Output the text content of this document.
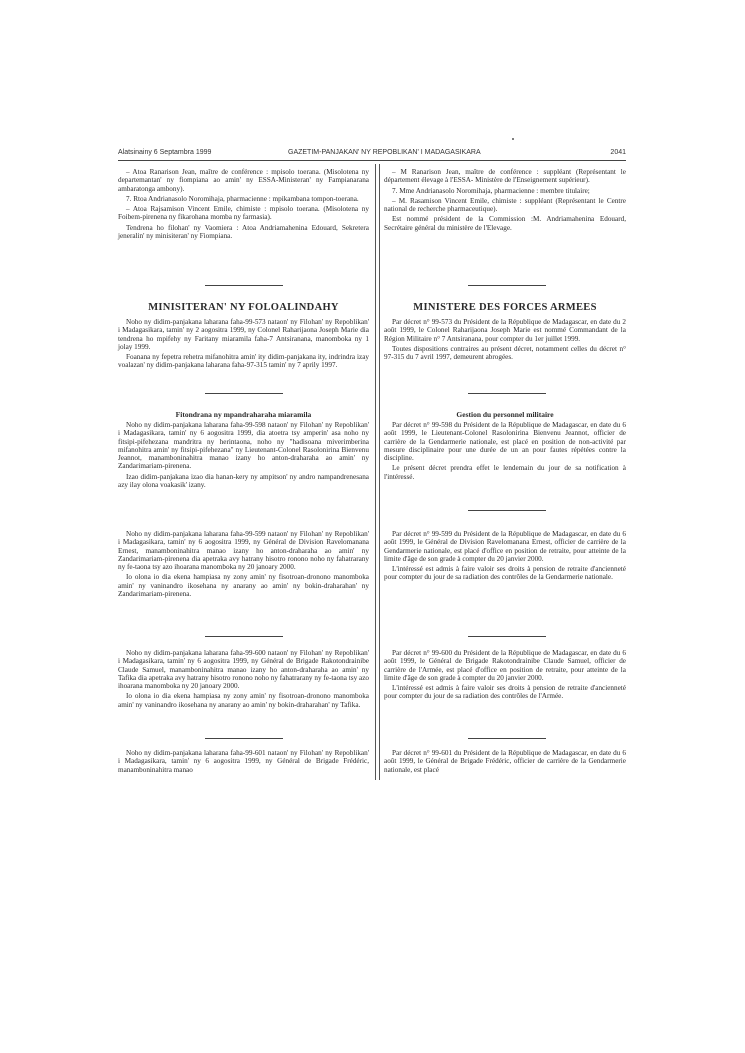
Alatsinainy 6 Septambra 1999	GAZETIM-PANJAKAN' NY REPOBLIKAN' I MADAGASIKARA	2041

– Atoa Ranarison Jean, maître de conférence : mpisolo toerana. (Misolotena ny departemantan' ny fiompiana ao amin' ny ESSA-Ministeran' ny Fampianarana ambaratonga ambony).

7. Rtoa Andrianasolo Noromihaja, pharmacienne : mpikambana tompon-toerana.

– Atoa Rajsamison Vincent Emile, chimiste : mpisolo toerana. (Misolotena ny Foibem-pirenena ny fikarohana momba ny farmasia).

Tendrena ho filohan' ny Vaomiera : Atoa Andriamahenina Edouard, Sekretera jeneralin' ny minisiteran' ny Fiompiana.

MINISITERAN' NY FOLOALINDAHY

Noho ny didim-panjakana laharana faha-99-573 nataon' ny Filohan' ny Repoblikan' i Madagasikara, tamin' ny 2 aogositra 1999, ny Colonel Raharijaona Joseph Marie dia tendrena ho mpifehy ny Faritany miaramila faha-7 Antsiranana, manomboka ny 1 jolay 1999.

Foanana ny fepetra rehetra mifanohitra amin' ity didim-panjakana ity, indrindra izay voalazan' ny didim-panjakana laharana faha-97-315 tamin' ny 7 aprily 1997.

Fitondrana ny mpandraharaha miaramila

Noho ny didim-panjakana laharana faha-99-598 nataon' ny Filohan' ny Repoblikan' i Madagasikara, tamin' ny 6 aogositra 1999, dia atoetra tsy amperin' asa noho ny fitsipi-pifehezana mandritra ny herintaona, noho ny "hadisoana miverimberina mifanohitra amin' ny fitsipi-pifehezana" ny Lieutenant-Colonel Rasolonirina Bienvenu Jeannot, manamboninahitra manao izany ho anton-draharaha ao amin' ny Zandarimariam-pirenena.

Izao didim-panjakana izao dia hanan-kery ny ampitson' ny andro nampandrenesana azy ilay olona voakasik' izany.

Noho ny didim-panjakana laharana faha-99-599 nataon' ny Filohan' ny Repoblikan' i Madagasikara, tamin' ny 6 aogositra 1999, ny Général de Division Ravelomanana Ernest, manamboninahitra manao izany ho anton-draharaha ao amin' ny Zandarimariam-pirenena dia apetraka avy hatrany hisotro ronono noho ny fahatrarany ny fe-taona tsy azo ihoarana manomboka ny 20 janoary 2000.

Io olona io dia ekena hampiasa ny zony amin' ny fisotroan-dronono manomboka amin' ny vaninandro ikosehana ny anarany ao amin' ny bokin-draharahan' ny Zandarimariam-pirenena.

Noho ny didim-panjakana laharana faha-99-600 nataon' ny Filohan' ny Repoblikan' i Madagasikara, tamin' ny 6 aogositra 1999, ny Général de Brigade Rakotondrainibe Claude Samuel, manamboninahitra manao izany ho anton-draharaha ao amin' ny Tafika dia apetraka avy hatrany hisotro ronono noho ny fahatrarany ny fe-taona tsy azo ihoarana manomboka ny 20 janoary 2000.

Io olona io dia ekena hampiasa ny zony amin' ny fisotroan-dronono manomboka amin' ny vaninandro ikosehana ny anarany ao amin' ny bokin-draharahan' ny Tafika.

Noho ny didim-panjakana laharana faha-99-601 nataon' ny Filohan' ny Repoblikan' i Madagasikara, tamin' ny 6 aogositra 1999, ny Général de Brigade Frédéric, manamboninahitra manao

– M Ranarison Jean, maître de conférence : suppléant (Représentant le département élevage à l'ESSA- Ministère de l'Enseignement supérieur).

7. Mme Andrianasolo Noromihaja, pharmacienne : membre titulaire;

– M. Rasamison Vincent Emile, chimiste : suppléant (Représentant le Centre national de recherche pharmaceutique).

Est nommé président de la Commission :M. Andriamahenina Edouard, Secrétaire général du ministère de l'Elevage.

MINISTERE DES FORCES ARMEES

Par décret n° 99-573 du Président de la République de Madagascar, en date du 2 août 1999, le Colonel Raharijaona Joseph Marie est nommé Commandant de la Région Militaire n° 7 Antsiranana, pour compter du 1er juillet 1999.

Toutes dispositions contraires au présent décret, notamment celles du décret n° 97-315 du 7 avril 1997, demeurent abrogées.

Gestion du personnel militaire

Par décret n° 99-598 du Président de la République de Madagascar, en date du 6 août 1999, le Lieutenant-Colonel Rasolonirina Bienvenu Jeannot, officier de carrière de la Gendarmerie nationale, est placé en position de non-activité par mesure disciplinaire pour une durée de un an pour fautes répétées contre la discipline.

Le présent décret prendra effet le lendemain du jour de sa notification à l'intéressé.

Par décret n° 99-599 du Président de la République de Madagascar, en date du 6 août 1999, le Général de Division Ravelomanana Ernest, officier de carrière de la Gendarmerie nationale, est placé d'office en position de retraite, pour atteinte de la limite d'âge de son grade à compter du 20 janvier 2000.

L'intéressé est admis à faire valoir ses droits à pension de retraite d'ancienneté pour compter du jour de sa radiation des contrôles de la Gendarmerie nationale.

Par décret n° 99-600 du Président de la République de Madagascar, en date du 6 août 1999, le Général de Brigade Rakotondrainibe Claude Samuel, officier de carrière de l'Armée, est placé d'office en position de retraite, pour atteinte de la limite d'âge de son grade à compter du 20 janvier 2000.

L'intéressé est admis à faire valoir ses droits à pension de retraite d'ancienneté pour compter du jour de sa radiation des contrôles de l'Armée.

Par décret n° 99-601 du Président de la République de Madagascar, en date du 6 août 1999, le Général de Brigade Frédéric, officier de carrière de la Gendarmerie nationale, est placé
